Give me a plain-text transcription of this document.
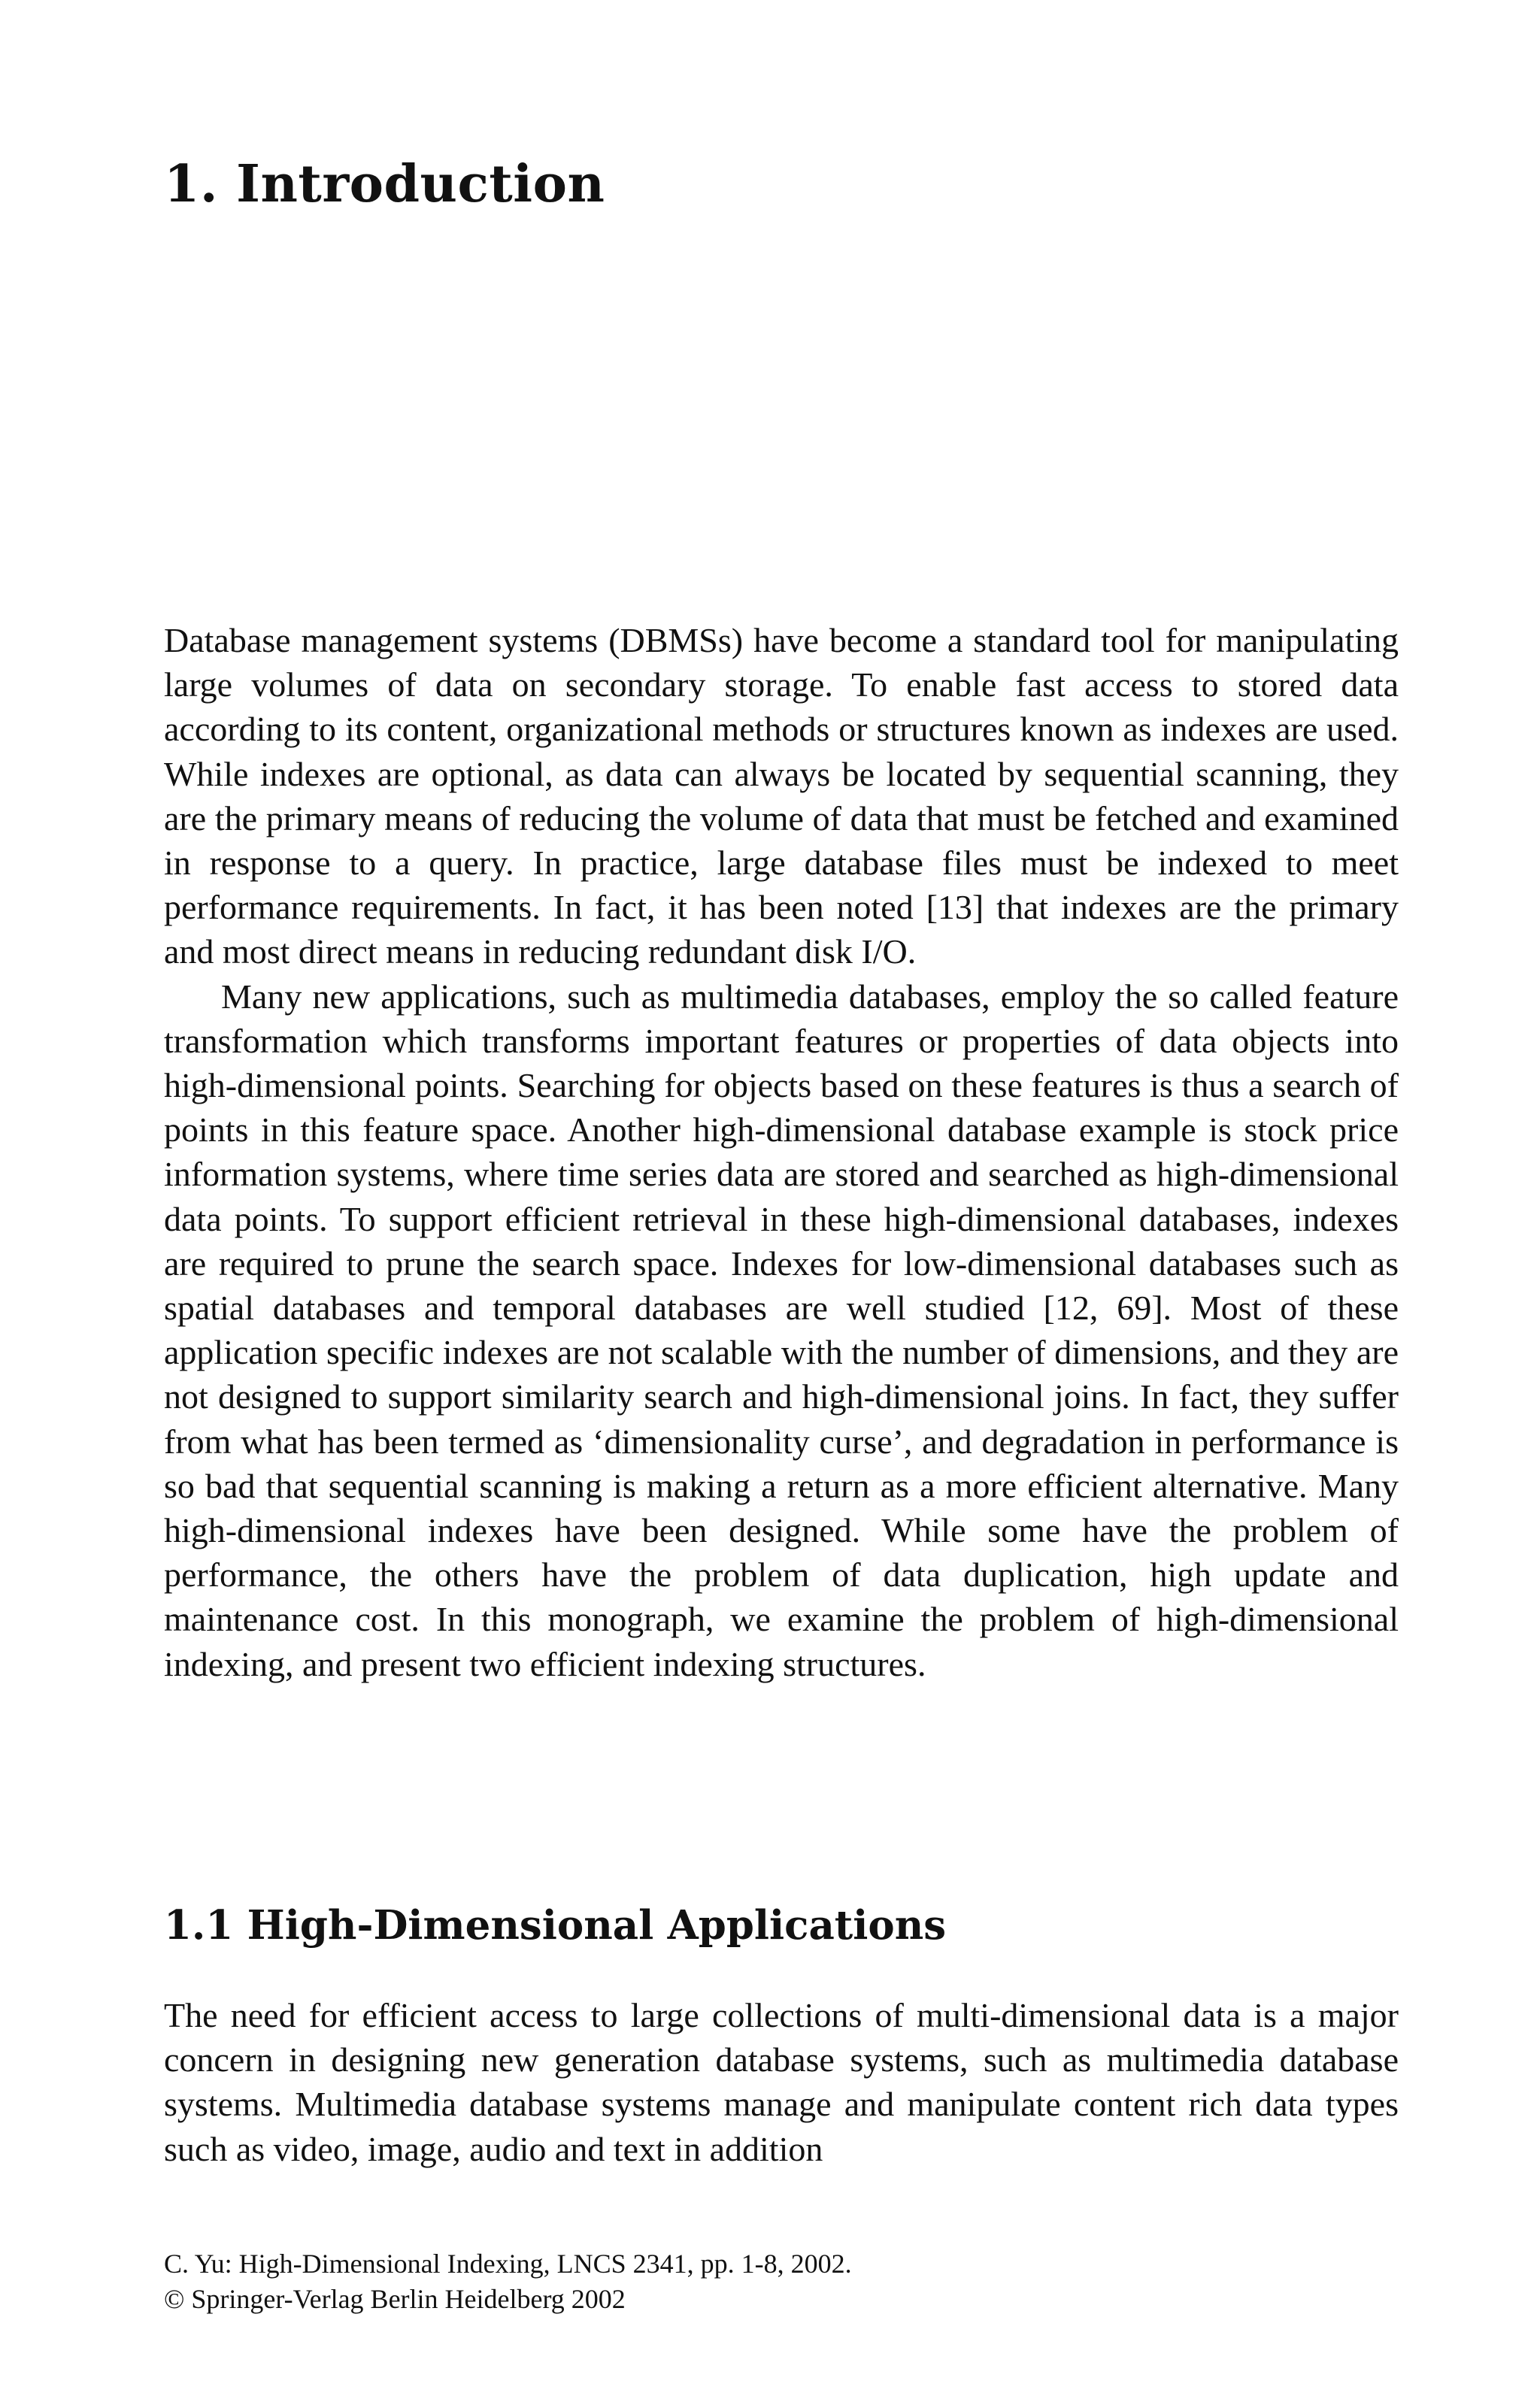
1. Introduction

Database management systems (DBMSs) have become a standard tool for manipulating large volumes of data on secondary storage. To enable fast access to stored data according to its content, organizational methods or structures known as indexes are used. While indexes are optional, as data can always be located by sequential scanning, they are the primary means of reducing the volume of data that must be fetched and examined in response to a query. In practice, large database files must be indexed to meet performance requirements. In fact, it has been noted [13] that indexes are the primary and most direct means in reducing redundant disk I/O.

Many new applications, such as multimedia databases, employ the so called feature transformation which transforms important features or properties of data objects into high-dimensional points. Searching for objects based on these features is thus a search of points in this feature space. Another high-dimensional database example is stock price information systems, where time series data are stored and searched as high-dimensional data points. To support efficient retrieval in these high-dimensional databases, indexes are required to prune the search space. Indexes for low-dimensional databases such as spatial databases and temporal databases are well studied [12, 69]. Most of these application specific indexes are not scalable with the number of dimensions, and they are not designed to support similarity search and high-dimensional joins. In fact, they suffer from what has been termed as ‘dimensionality curse’, and degradation in performance is so bad that sequential scanning is making a return as a more efficient alternative. Many high-dimensional indexes have been designed. While some have the problem of performance, the others have the problem of data duplication, high update and maintenance cost. In this monograph, we examine the problem of high-dimensional indexing, and present two efficient indexing structures.

1.1 High-Dimensional Applications

The need for efficient access to large collections of multi-dimensional data is a major concern in designing new generation database systems, such as multimedia database systems. Multimedia database systems manage and manipulate content rich data types such as video, image, audio and text in addition

C. Yu: High-Dimensional Indexing, LNCS 2341, pp. 1-8, 2002.
© Springer-Verlag Berlin Heidelberg 2002
